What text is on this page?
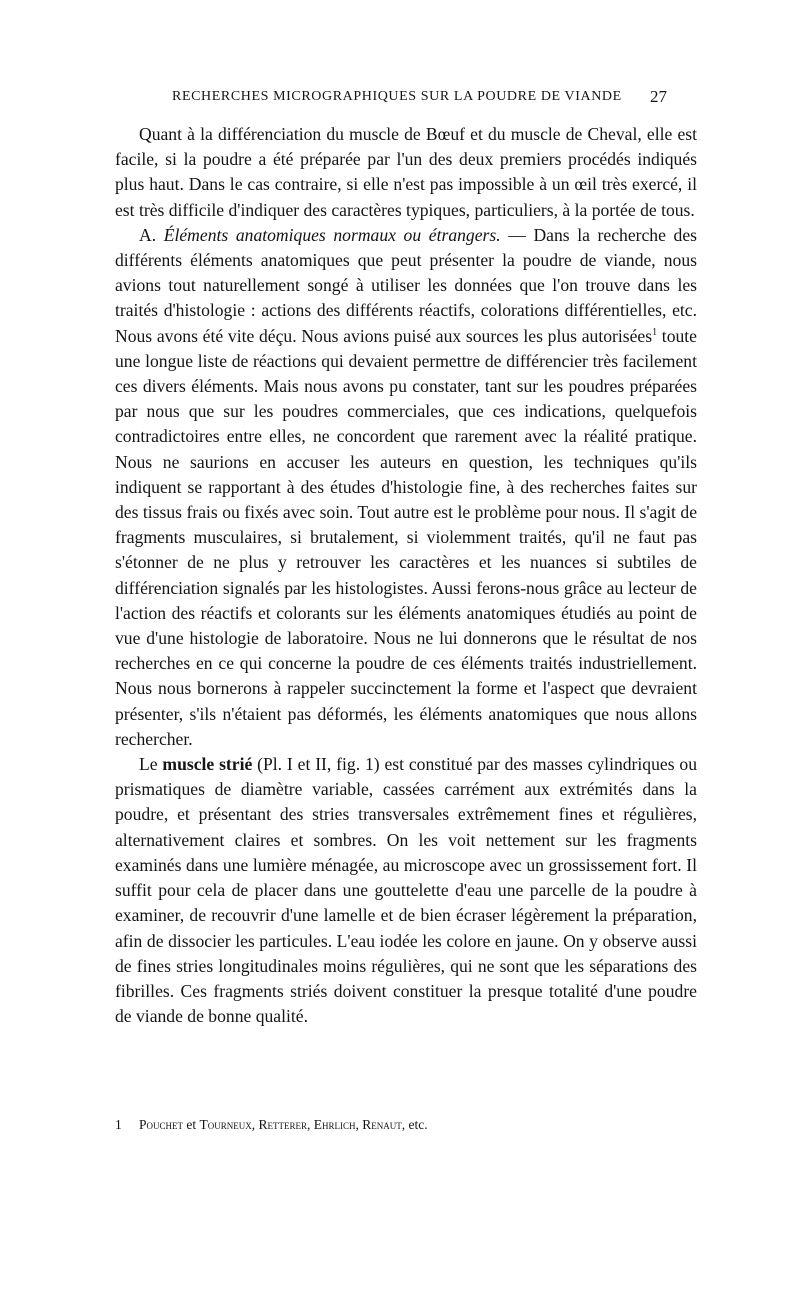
RECHERCHES MICROGRAPHIQUES SUR LA POUDRE DE VIANDE	27

Quant à la différenciation du muscle de Bœuf et du muscle de Cheval, elle est facile, si la poudre a été préparée par l'un des deux premiers procédés indiqués plus haut. Dans le cas contraire, si elle n'est pas impossible à un œil très exercé, il est très difficile d'indiquer des caractères typiques, particuliers, à la portée de tous.

A. Éléments anatomiques normaux ou étrangers. — Dans la recherche des différents éléments anatomiques que peut présenter la poudre de viande, nous avions tout naturellement songé à utiliser les données que l'on trouve dans les traités d'histologie : actions des différents réactifs, colorations différentielles, etc. Nous avons été vite déçu. Nous avions puisé aux sources les plus autorisées$^1$ toute une longue liste de réactions qui devaient permettre de différencier très facilement ces divers éléments. Mais nous avons pu constater, tant sur les poudres préparées par nous que sur les poudres commerciales, que ces indications, quelquefois contradictoires entre elles, ne concordent que rarement avec la réalité pratique. Nous ne saurions en accuser les auteurs en question, les techniques qu'ils indiquent se rapportant à des études d'histologie fine, à des recherches faites sur des tissus frais ou fixés avec soin. Tout autre est le problème pour nous. Il s'agit de fragments musculaires, si brutalement, si violemment traités, qu'il ne faut pas s'étonner de ne plus y retrouver les caractères et les nuances si subtiles de différenciation signalés par les histologistes. Aussi ferons-nous grâce au lecteur de l'action des réactifs et colorants sur les éléments anatomiques étudiés au point de vue d'une histologie de laboratoire. Nous ne lui donnerons que le résultat de nos recherches en ce qui concerne la poudre de ces éléments traités industriellement. Nous nous bornerons à rappeler succinctement la forme et l'aspect que devraient présenter, s'ils n'étaient pas déformés, les éléments anatomiques que nous allons rechercher.

Le muscle strié (Pl. I et II, fig. 1) est constitué par des masses cylindriques ou prismatiques de diamètre variable, cassées carrément aux extrémités dans la poudre, et présentant des stries transversales extrêmement fines et régulières, alternativement claires et sombres. On les voit nettement sur les fragments examinés dans une lumière ménagée, au microscope avec un grossissement fort. Il suffit pour cela de placer dans une gouttelette d'eau une parcelle de la poudre à examiner, de recouvrir d'une lamelle et de bien écraser légèrement la préparation, afin de dissocier les particules. L'eau iodée les colore en jaune. On y observe aussi de fines stries longitudinales moins régulières, qui ne sont que les séparations des fibrilles. Ces fragments striés doivent constituer la presque totalité d'une poudre de viande de bonne qualité.

1 Pouchet et Tourneux, Retterer, Ehrlich, Renaut, etc.
